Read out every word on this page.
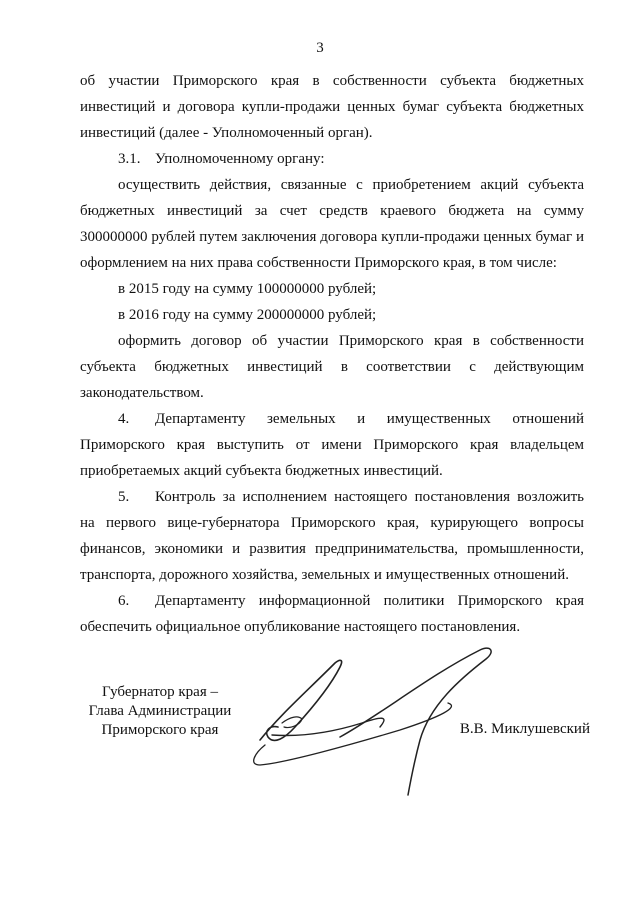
3

об участии Приморского края в собственности субъекта бюджетных инвестиций и договора купли-продажи ценных бумаг субъекта бюджетных инвестиций (далее - Уполномоченный орган).

3.1. Уполномоченному органу:

осуществить действия, связанные с приобретением акций субъекта бюджетных инвестиций за счет средств краевого бюджета на сумму 300000000 рублей путем заключения договора купли-продажи ценных бумаг и оформлением на них права собственности Приморского края, в том числе:

в 2015 году на сумму 100000000 рублей;

в 2016 году на сумму 200000000 рублей;

оформить договор об участии Приморского края в собственности субъекта бюджетных инвестиций в соответствии с действующим законодательством.

4. Департаменту земельных и имущественных отношений Приморского края выступить от имени Приморского края владельцем приобретаемых акций субъекта бюджетных инвестиций.

5. Контроль за исполнением настоящего постановления возложить на первого вице-губернатора Приморского края, курирующего вопросы финансов, экономики и развития предпринимательства, промышленности, транспорта, дорожного хозяйства, земельных и имущественных отношений.

6. Департаменту информационной политики Приморского края обеспечить официальное опубликование настоящего постановления.

Губернатор края –
Глава Администрации
Приморского края	В.В. Миклушевский
